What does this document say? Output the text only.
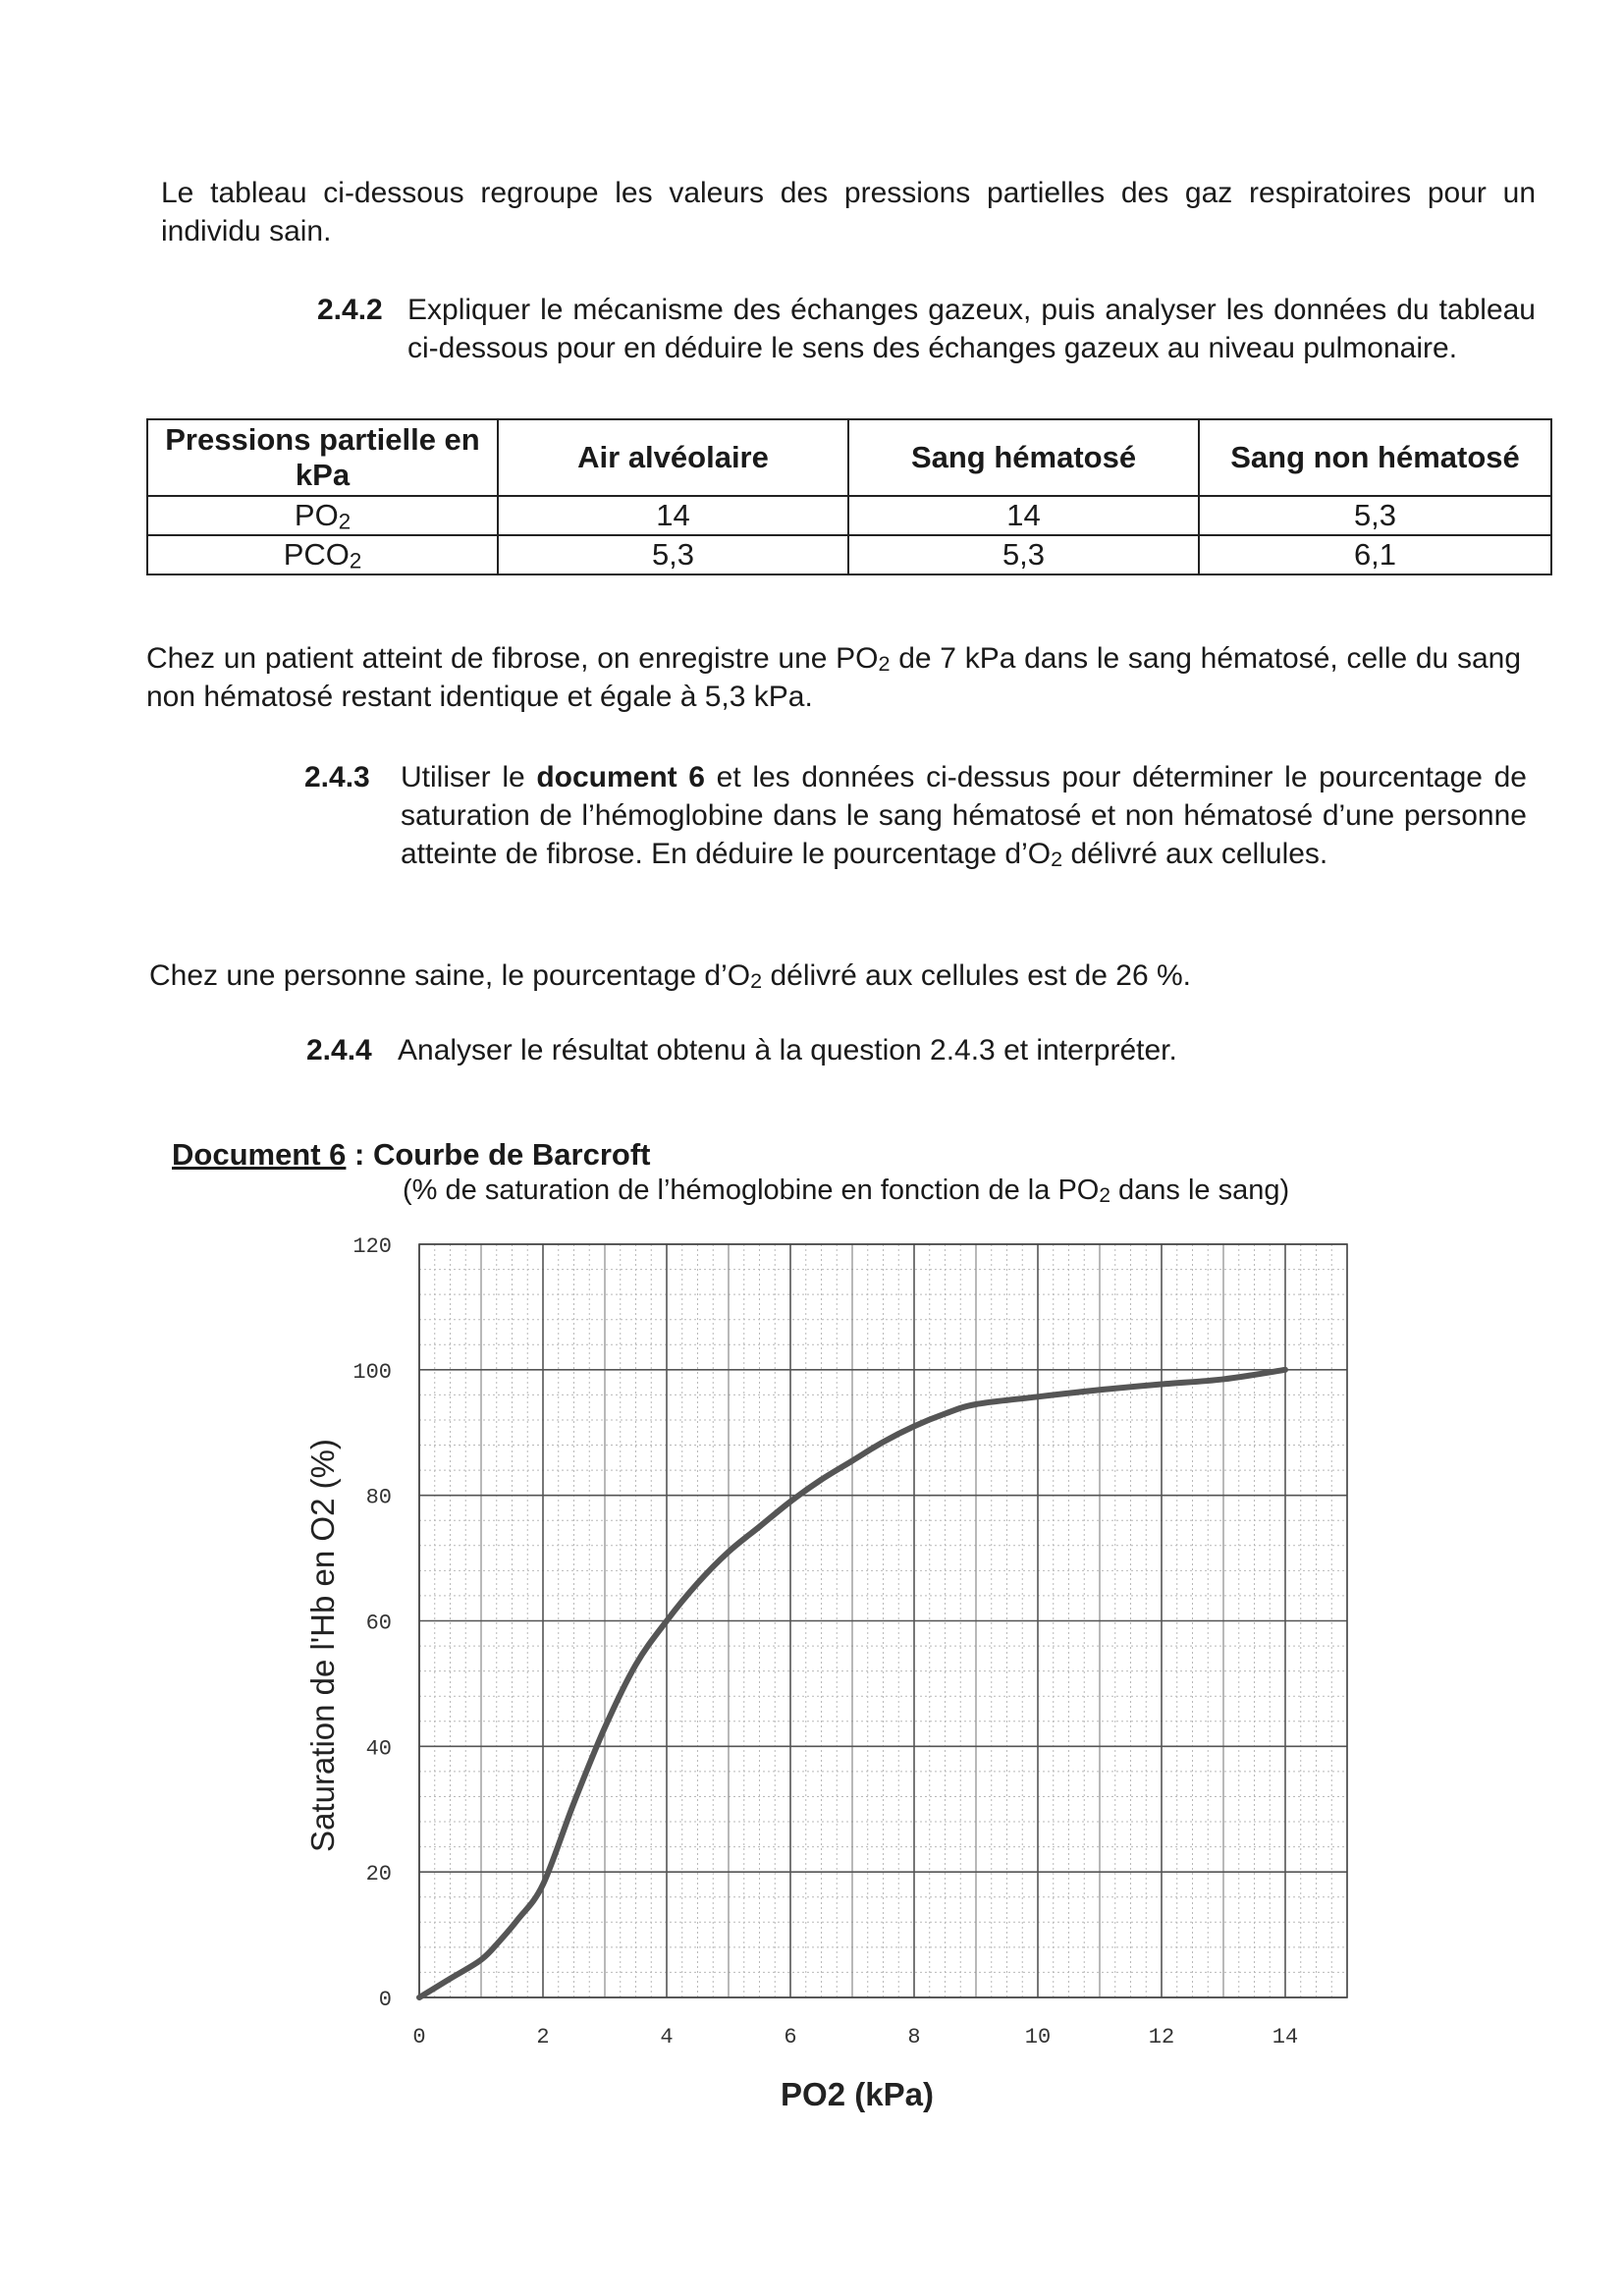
Le tableau ci-dessous regroupe les valeurs des pressions partielles des gaz respiratoires pour un individu sain.
2.4.2 Expliquer le mécanisme des échanges gazeux, puis analyser les données du tableau ci-dessous pour en déduire le sens des échanges gazeux au niveau pulmonaire.
Pressions partielle en kPa	Air alvéolaire	Sang hématosé	Sang non hématosé
$PO_2$	14	14	5,3
$PCO_2$	5,3	5,3	6,1
Chez un patient atteint de fibrose, on enregistre une $PO_2$ de 7 kPa dans le sang hématosé, celle du sang non hématosé restant identique et égale à 5,3 kPa.
2.4.3 Utiliser le document 6 et les données ci-dessus pour déterminer le pourcentage de saturation de l’hémoglobine dans le sang hématosé et non hématosé d’une personne atteinte de fibrose. En déduire le pourcentage $d’O_2$ délivré aux cellules.
Chez une personne saine, le pourcentage $d’O_2$ délivré aux cellules est de 26 %.
2.4.4 Analyser le résultat obtenu à la question 2.4.3 et interpréter.
Document 6 : Courbe de Barcroft
(% de saturation de l’hémoglobine en fonction de la $PO_2$ dans le sang)
0	2	4	6	8	10	12	14
0
20
40
60
80
100
120
Saturation de l'Hb en O2 (%)
PO2 (kPa)
